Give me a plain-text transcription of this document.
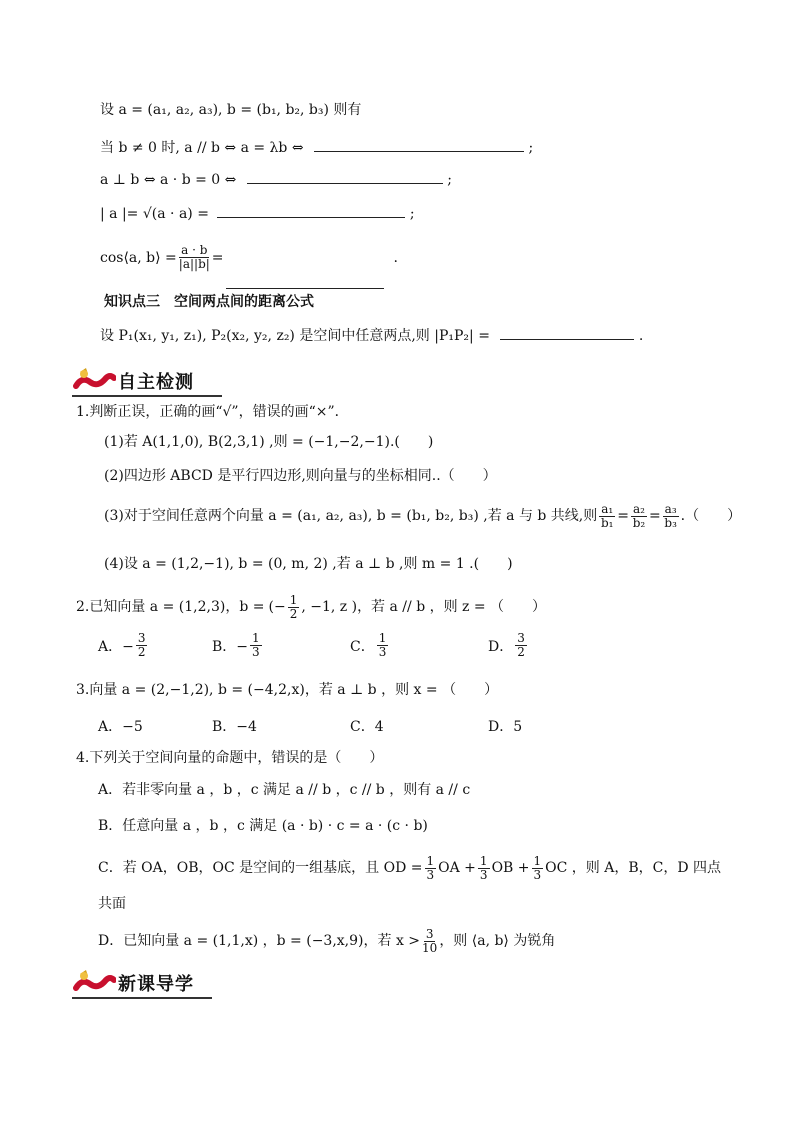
设 a = (a₁, a₂, a₃), b = (b₁, b₂, b₃) 则有
当 b ≠ 0 时, a // b ⇔ a = λb ⇔	;
a ⊥ b ⇔ a · b = 0 ⇔	;
| a |= √(a · a) =	;
cos⟨a, b⟩ = $\frac{a \cdot b}{|a||b|}$ =	.
知识点三　空间两点间的距离公式
设 P₁(x₁, y₁, z₁), P₂(x₂, y₂, z₂) 是空间中任意两点,则 |P₁P₂| =	.
自主检测
1.判断正误，正确的画“√”，错误的画“×”．
(1)若 A(1,1,0), B(2,3,1) ,则 = (−1,−2,−1).(　　)
(2)四边形 ABCD 是平行四边形,则向量与的坐标相同..（　　）
(3)对于空间任意两个向量 a = (a₁, a₂, a₃), b = (b₁, b₂, b₃) ,若 a 与 b 共线,则 $\frac{\text{a₁}}{\text{b₁}} = \frac{\text{a₂}}{\text{b₂}} = \frac{\text{a₃}}{\text{b₃}}$ .（　　）
(4)设 a = (1,2,−1), b = (0, m, 2) ,若 a ⊥ b ,则 m = 1 .(　　)
2.已知向量 a = (1,2,3)，b = (− $\frac{1}{2}$ , −1, z ) ，若 a // b ，则 z = （　　）
A．− $\frac{3}{2}$	B．− $\frac{1}{3}$	C． $\frac{1}{3}$	D． $\frac{3}{2}$
3.向量 a = (2,−1,2), b = (−4,2,x)，若 a ⊥ b ，则 x = （　　）
A．−5	B．−4	C．4	D．5
4.下列关于空间向量的命题中，错误的是（　　）
A．若非零向量 a ，b ，c 满足 a // b ，c // b ，则有 a // c
B．任意向量 a ，b ，c 满足 (a · b) · c = a · (c · b)
C．若 OA，OB，OC 是空间的一组基底，且 OD = $\frac{1}{3}$ OA + $\frac{1}{3}$ OB + $\frac{1}{3}$ OC ，则 A，B，C，D 四点
共面
D．已知向量 a = (1,1,x) ，b = (−3,x,9)，若 $x > \frac{3}{10}$ ，则 ⟨a, b⟩ 为锐角
新课导学
